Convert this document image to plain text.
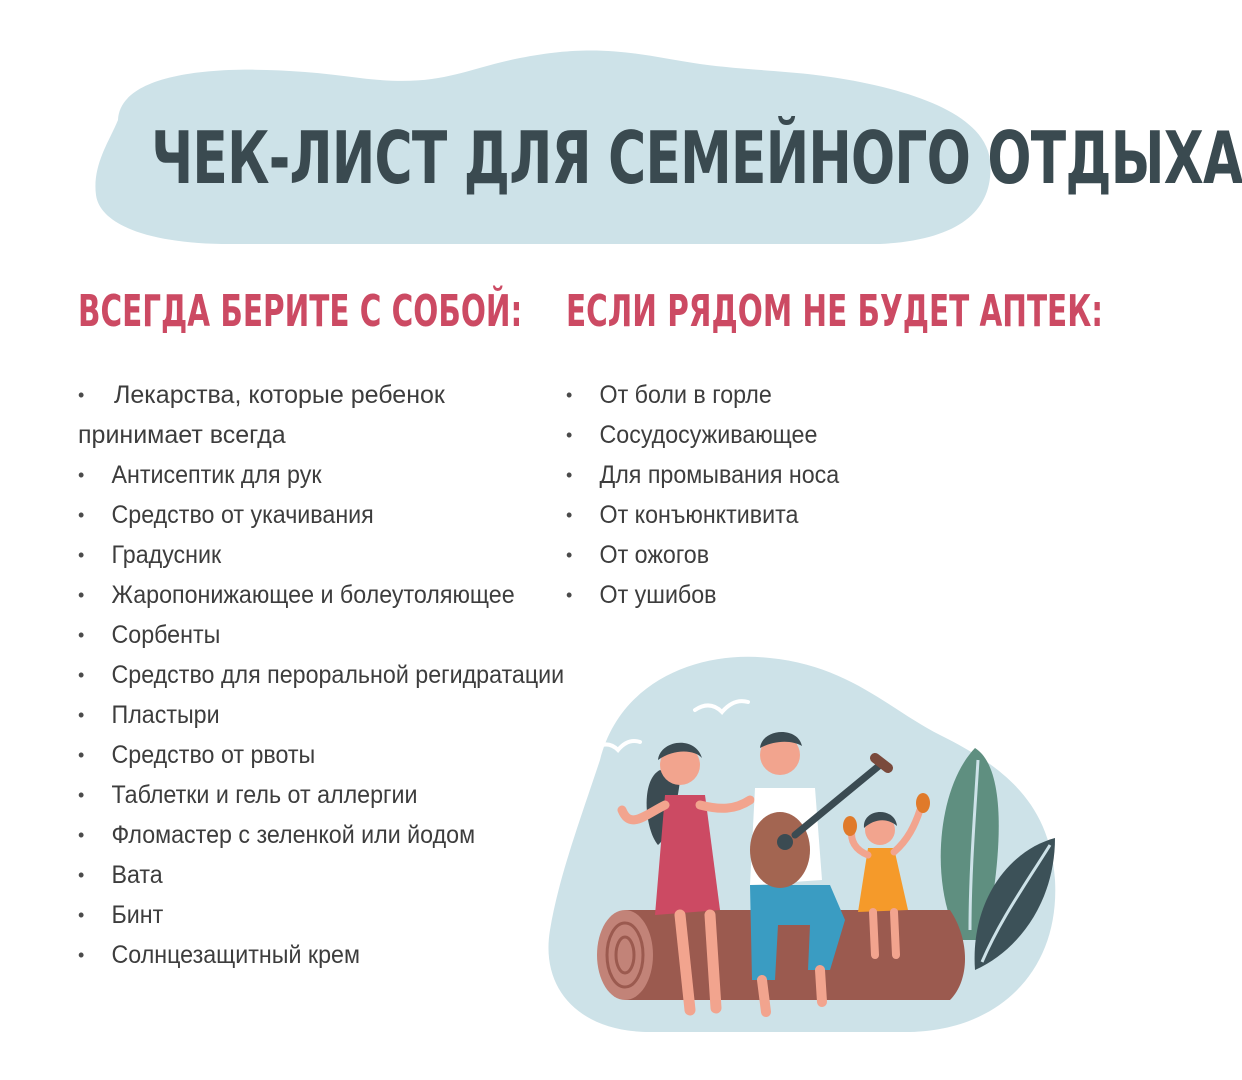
ЧЕК-ЛИСТ ДЛЯ СЕМЕЙНОГО ОТДЫХА
ВСЕГДА БЕРИТЕ С СОБОЙ: ЕСЛИ РЯДОМ НЕ БУДЕТ АПТЕК:
•	Лекарства, которые ребенок
принимает всегда
• Антисептик для рук
• Средство от укачивания
• Градусник
• Жаропонижающее и болеутоляющее
• Сорбенты
• Средство для пероральной регидратации
• Пластыри
• Средство от рвоты
• Таблетки и гель от аллергии
• Фломастер с зеленкой или йодом
• Вата
• Бинт
• Солнцезащитный крем
• От боли в горле
• Сосудосуживающее
• Для промывания носа
• От конъюнктивита
• От ожогов
• От ушибов
